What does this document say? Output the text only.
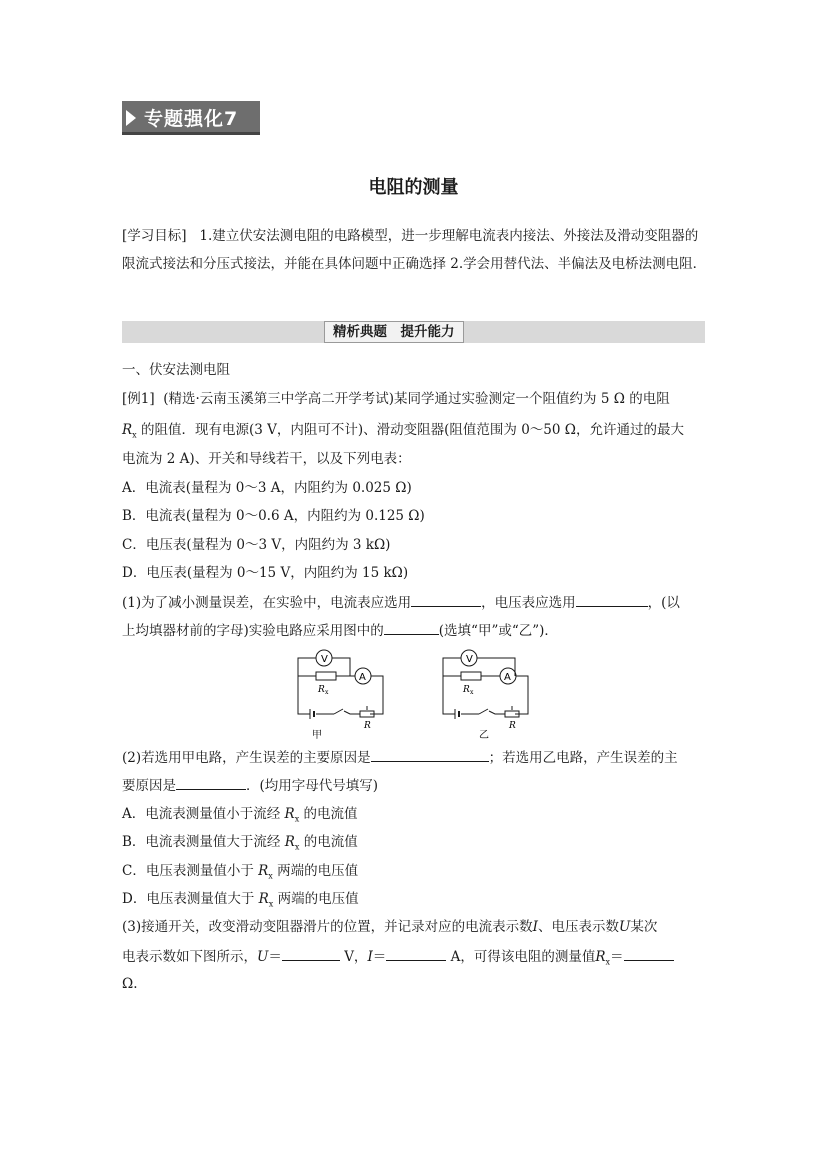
专题强化7
电阻的测量
[学习目标] 1.建立伏安法测电阻的电路模型，进一步理解电流表内接法、外接法及滑动变阻器的限流式接法和分压式接法，并能在具体问题中正确选择 2.学会用替代法、半偏法及电桥法测电阻．
精析典题　提升能力
一、伏安法测电阻
[例1] (精选·云南玉溪第三中学高二开学考试)某同学通过实验测定一个阻值约为 5 Ω 的电阻
$R_x$ 的阻值．现有电源(3 V，内阻可不计)、滑动变阻器(阻值范围为 0～50 Ω，允许通过的最大
电流为 2 A)、开关和导线若干，以及下列电表：
A．电流表(量程为 0～3 A，内阻约为 0.025 Ω)
B．电流表(量程为 0～0.6 A，内阻约为 0.125 Ω)
C．电压表(量程为 0～3 V，内阻约为 3 kΩ)
D．电压表(量程为 0～15 V，内阻约为 15 kΩ)
(1)为了减小测量误差，在实验中，电流表应选用	，电压表应选用	，(以
上均填器材前的字母)实验电路应采用图中的	(选填“甲”或“乙”)．
V
A
R x
R
甲
V
A
R x
R
乙
(2)若选用甲电路，产生误差的主要原因是	；若选用乙电路，产生误差的主
要原因是	．(均用字母代号填写)
A．电流表测量值小于流经 $R_x$ 的电流值
B．电流表测量值大于流经 $R_x$ 的电流值
C．电压表测量值小于 $R_x$ 两端的电压值
D．电压表测量值大于 $R_x$ 两端的电压值
(3)接通开关，改变滑动变阻器滑片的位置，并记录对应的电流表示数I、电压表示数U某次
电表示数如下图所示，U＝	V，I＝	A，可得该电阻的测量值$R_x=$
Ω.
